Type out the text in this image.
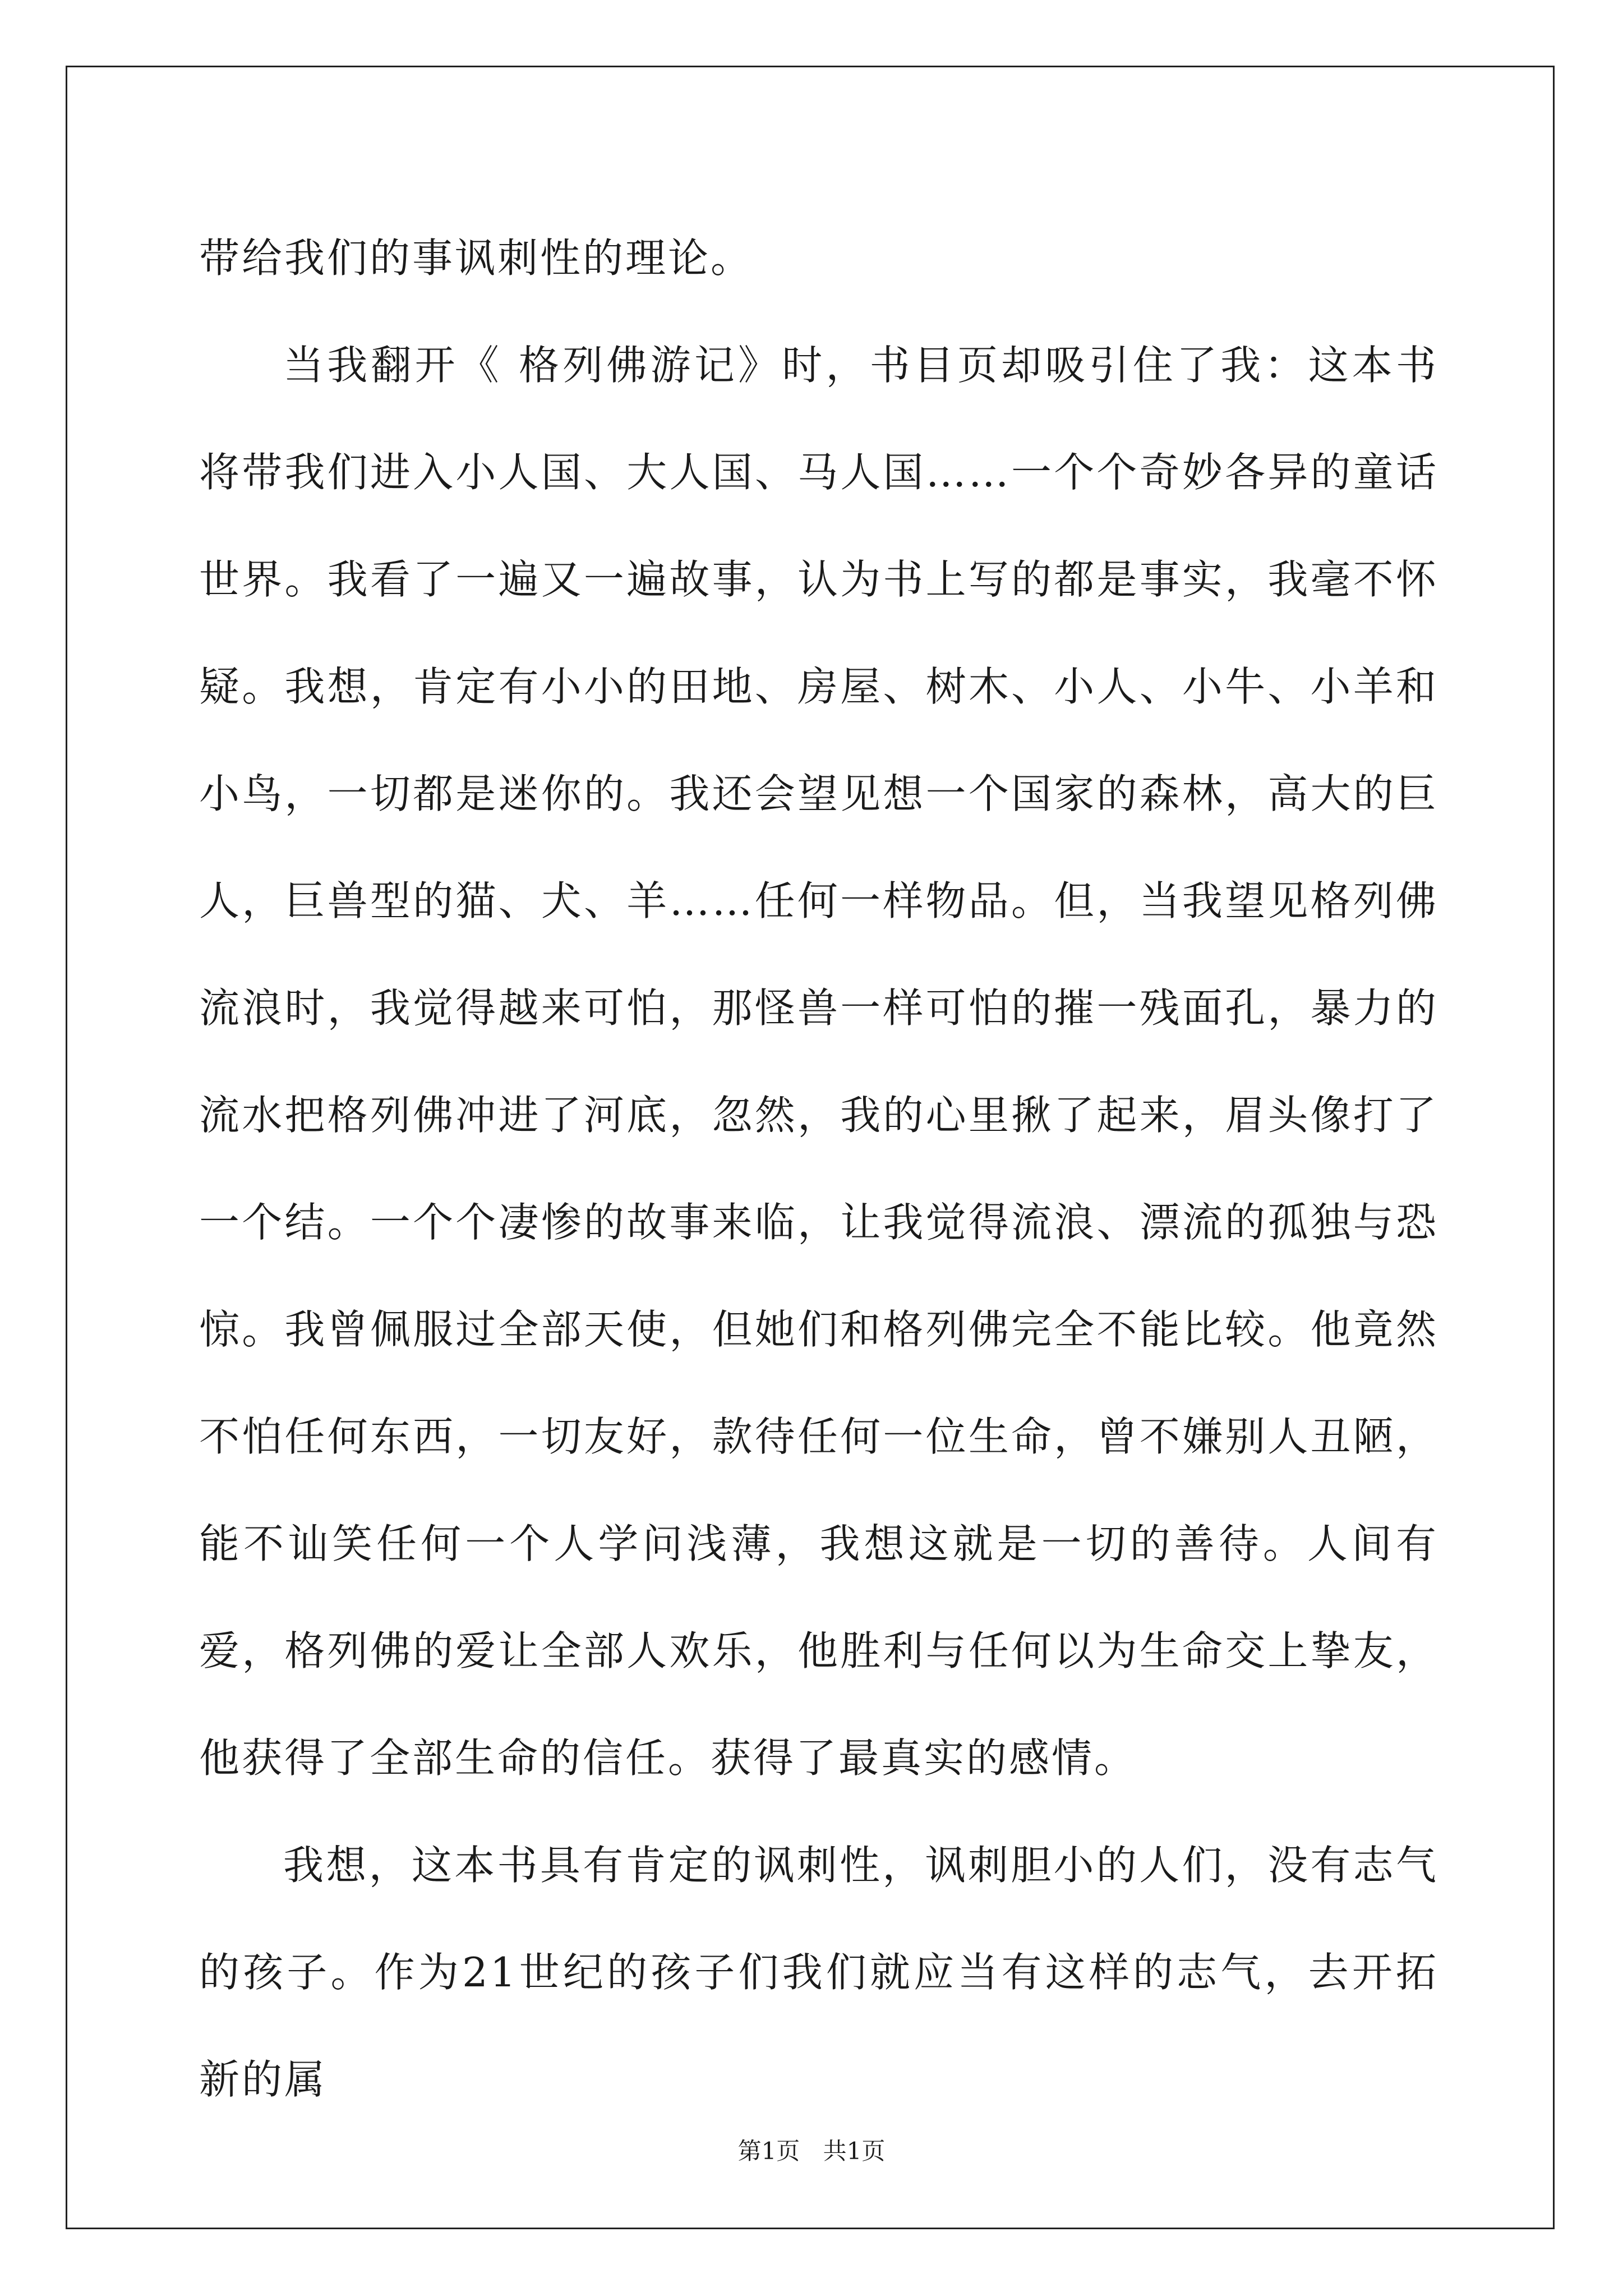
带给我们的事讽刺性的理论。

当我翻开《 格列佛游记》时，书目页却吸引住了我：这本书将带我们进入小人国、大人国、马人国……一个个奇妙各异的童话世界。我看了一遍又一遍故事，认为书上写的都是事实，我毫不怀疑。我想，肯定有小小的田地、房屋、树木、小人、小牛、小羊和小鸟，一切都是迷你的。我还会望见想一个国家的森林，高大的巨人，巨兽型的猫、犬、羊……任何一样物品。但，当我望见格列佛流浪时，我觉得越来可怕，那怪兽一样可怕的摧一残面孔，暴力的流水把格列佛冲进了河底，忽然，我的心里揪了起来，眉头像打了一个结。一个个凄惨的故事来临，让我觉得流浪、漂流的孤独与恐惊。我曾佩服过全部天使，但她们和格列佛完全不能比较。他竟然不怕任何东西，一切友好，款待任何一位生命，曾不嫌别人丑陋，能不讪笑任何一个人学问浅薄，我想这就是一切的善待。人间有爱，格列佛的爱让全部人欢乐，他胜利与任何以为生命交上挚友，他获得了全部生命的信任。获得了最真实的感情。

我想，这本书具有肯定的讽刺性，讽刺胆小的人们，没有志气的孩子。作为21世纪的孩子们我们就应当有这样的志气，去开拓新的属

第1页 共1页
